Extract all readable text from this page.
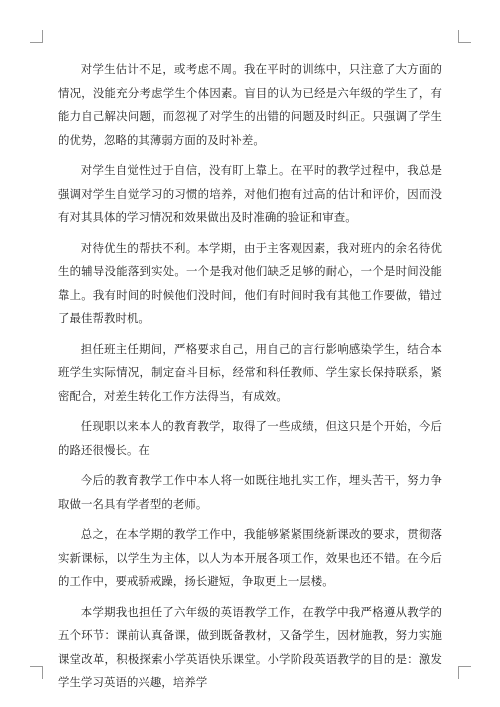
对学生估计不足，或考虑不周。我在平时的训练中，只注意了大方面的情况，没能充分考虑学生个体因素。盲目的认为已经是六年级的学生了，有能力自己解决问题，而忽视了对学生的出错的问题及时纠正。只强调了学生的优势，忽略的其薄弱方面的及时补差。

对学生自觉性过于自信，没有盯上靠上。在平时的教学过程中，我总是强调对学生自觉学习的习惯的培养，对他们抱有过高的估计和评价，因而没有对其具体的学习情况和效果做出及时准确的验证和审查。

对待优生的帮扶不利。本学期，由于主客观因素，我对班内的余名待优生的辅导没能落到实处。一个是我对他们缺乏足够的耐心，一个是时间没能靠上。我有时间的时候他们没时间，他们有时间时我有其他工作要做，错过了最佳帮教时机。

担任班主任期间，严格要求自己，用自己的言行影响感染学生，结合本班学生实际情况，制定奋斗目标，经常和科任教师、学生家长保持联系，紧密配合，对差生转化工作方法得当，有成效。

任现职以来本人的教育教学，取得了一些成绩，但这只是个开始，今后的路还很慢长。在

今后的教育教学工作中本人将一如既往地扎实工作，埋头苦干，努力争取做一名具有学者型的老师。

总之，在本学期的教学工作中，我能够紧紧围绕新课改的要求，贯彻落实新课标，以学生为主体，以人为本开展各项工作，效果也还不错。在今后的工作中，要戒骄戒躁，扬长避短，争取更上一层楼。

本学期我也担任了六年级的英语教学工作，在教学中我严格遵从教学的五个环节：课前认真备课，做到既备教材，又备学生，因材施教，努力实施课堂改革，积极探索小学英语快乐课堂。小学阶段英语教学的目的是：激发学生学习英语的兴趣，培养学
